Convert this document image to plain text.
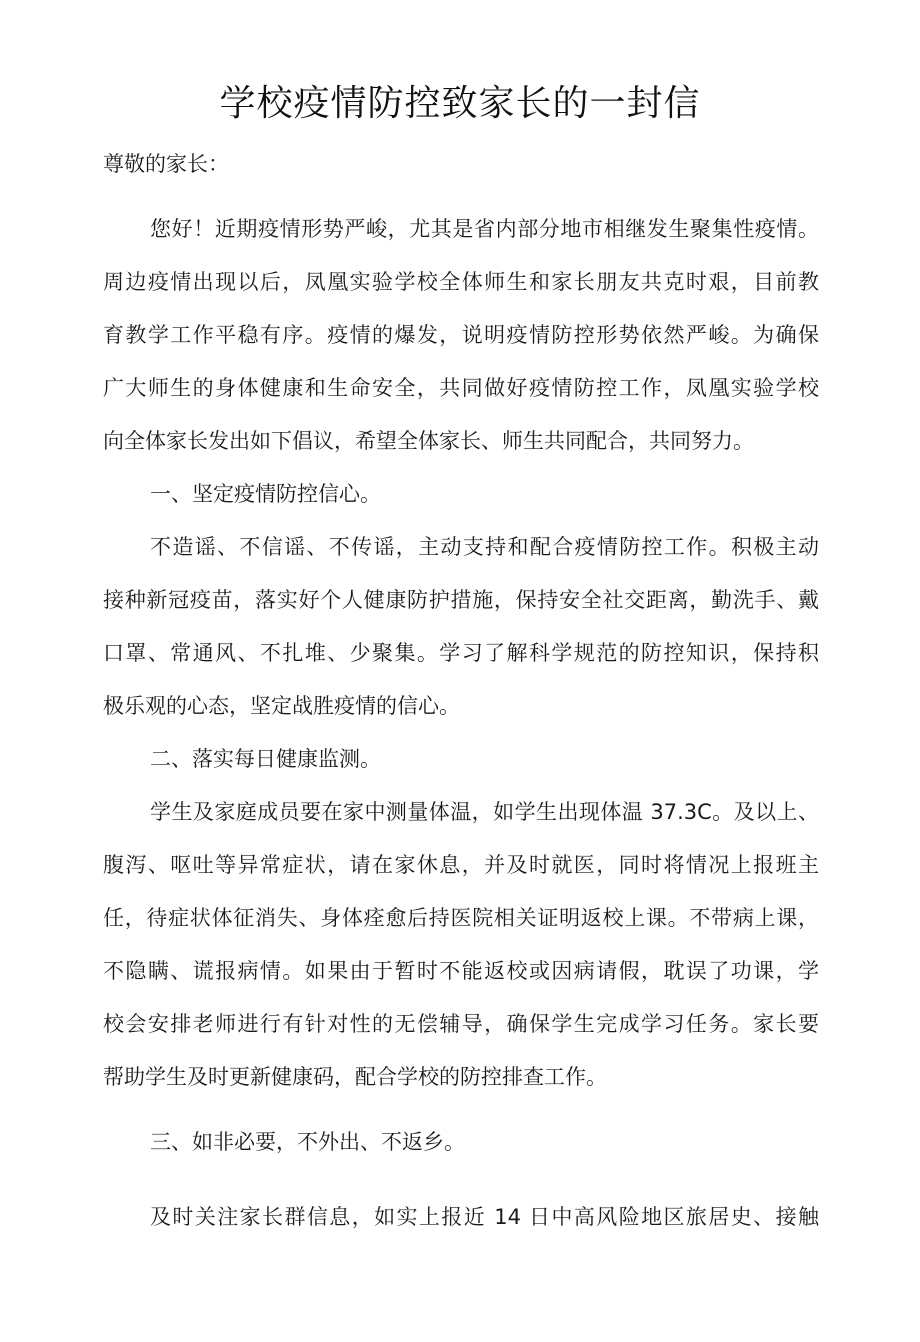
学校疫情防控致家长的一封信
尊敬的家长：
您好！近期疫情形势严峻，尤其是省内部分地市相继发生聚集性疫情。
周边疫情出现以后，凤凰实验学校全体师生和家长朋友共克时艰，目前教
育教学工作平稳有序。疫情的爆发，说明疫情防控形势依然严峻。为确保
广大师生的身体健康和生命安全，共同做好疫情防控工作，凤凰实验学校
向全体家长发出如下倡议，希望全体家长、师生共同配合，共同努力。
一、坚定疫情防控信心。
不造谣、不信谣、不传谣，主动支持和配合疫情防控工作。积极主动
接种新冠疫苗，落实好个人健康防护措施，保持安全社交距离，勤洗手、戴
口罩、常通风、不扎堆、少聚集。学习了解科学规范的防控知识，保持积
极乐观的心态，坚定战胜疫情的信心。
二、落实每日健康监测。
学生及家庭成员要在家中测量体温，如学生出现体温 37.3C。及以上、
腹泻、呕吐等异常症状，请在家休息，并及时就医，同时将情况上报班主
任，待症状体征消失、身体痊愈后持医院相关证明返校上课。不带病上课，
不隐瞒、谎报病情。如果由于暂时不能返校或因病请假，耽误了功课，学
校会安排老师进行有针对性的无偿辅导，确保学生完成学习任务。家长要
帮助学生及时更新健康码，配合学校的防控排查工作。
三、如非必要，不外出、不返乡。
及时关注家长群信息，如实上报近 14 日中高风险地区旅居史、接触
